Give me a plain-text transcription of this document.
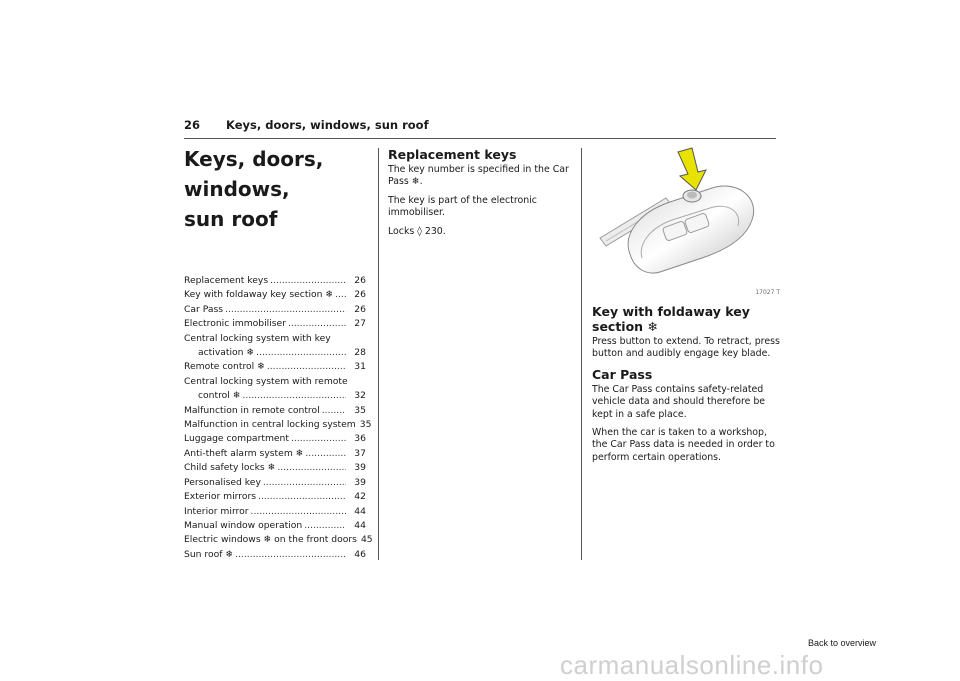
26 Keys, doors, windows, sun roof
Keys, doors, windows,
sun roof
Replacement keys .....	26
Key with foldaway key section ❄ .....	26
Car Pass .....	26
Electronic immobiliser .....	27
Central locking system with key
activation ❄ .....	28
Remote control ❄ .....	31
Central locking system with remote
control ❄ .....	32
Malfunction in remote control .....	35
Malfunction in central locking system 35
Luggage compartment .....	36
Anti-theft alarm system ❄ .....	37
Child safety locks ❄ .....	39
Personalised key .....	39
Exterior mirrors .....	42
Interior mirror .....	44
Manual window operation .....	44
Electric windows ❄ on the front doors 45
Sun roof ❄ .....	46
Replacement keys

The key number is specified in the Car Pass ❄.

The key is part of the electronic immobiliser.

Locks ◊ 230.

17027 T
Key with foldaway key section ❄

Press button to extend. To retract, press button and audibly engage key blade.

Car Pass

The Car Pass contains safety-related vehicle data and should therefore be kept in a safe place.

When the car is taken to a workshop, the Car Pass data is needed in order to perform certain operations.

Back to overview
carmanualsonline.info
